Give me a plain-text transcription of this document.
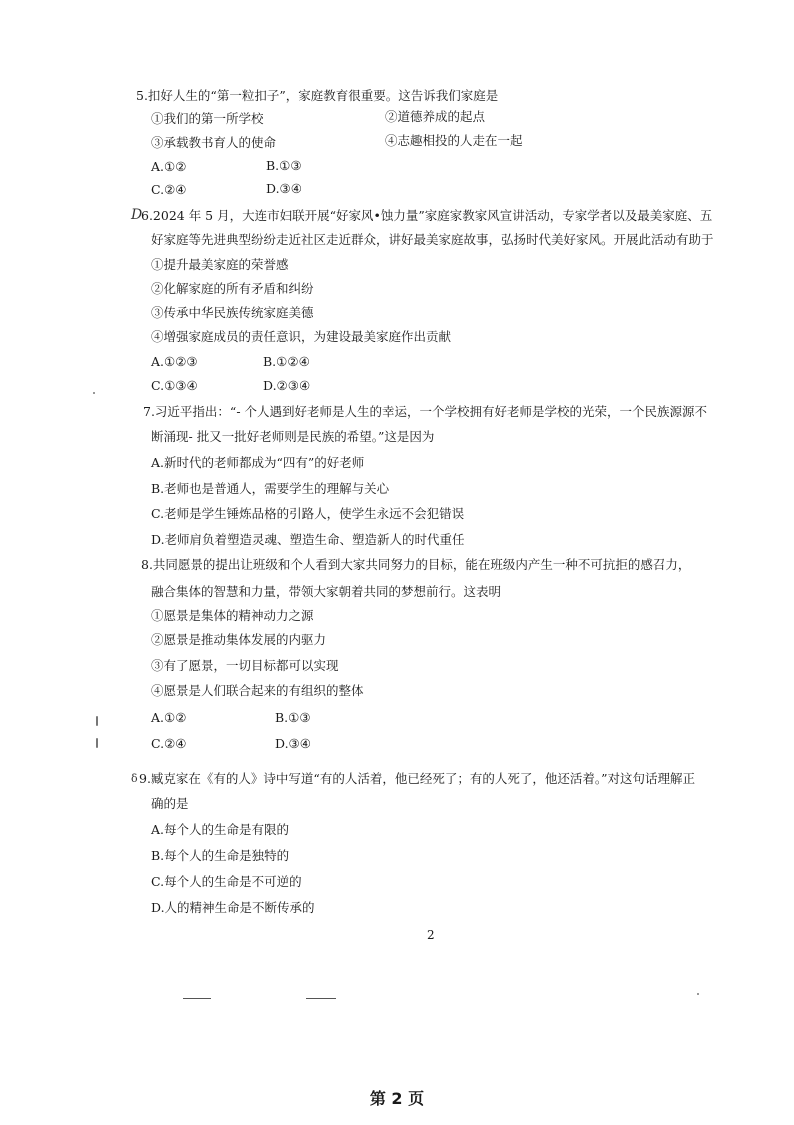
5.扣好人生的“第一粒扣子”，家庭教育很重要。这告诉我们家庭是
①我们的第一所学校	②道德养成的起点
③承载教书育人的使命	④志趣相投的人走在一起
A.①②	B.①③
C.②④	D.③④
D
6.2024 年 5 月，大连市妇联开展“好家风•蚀力量”家庭家教家风宣讲活动，专家学者以及最美家庭、五
好家庭等先进典型纷纷走近社区走近群众，讲好最美家庭故事，弘扬时代美好家风。开展此活动有助于
①提升最美家庭的荣誉感
②化解家庭的所有矛盾和纠纷
③传承中华民族传统家庭美德
④增强家庭成员的责任意识，为建设最美家庭作出贡献
A.①②③	B.①②④
C.①③④	D.②③④
7.习近平指出：“- 个人遇到好老师是人生的幸运，一个学校拥有好老师是学校的光荣，一个民族源源不
断涌现- 批又一批好老师则是民族的希望。”这是因为
A.新时代的老师都成为“四有”的好老师
B.老师也是普通人，需要学生的理解与关心
C.老师是学生锤炼品格的引路人，使学生永远不会犯错误
D.老师肩负着塑造灵魂、塑造生命、塑造新人的时代重任
8.共同愿景的提出让班级和个人看到大家共同努力的目标，能在班级内产生一种不可抗拒的感召力，
融合集体的智慧和力量，带领大家朝着共同的梦想前行。这表明
①愿景是集体的精神动力之源
②愿景是推动集体发展的内驱力
③有了愿景，一切目标都可以实现
④愿景是人们联合起来的有组织的整体
A.①②	B.①③
C.②④	D.③④
δ 9.臧克家在《有的人》诗中写道“有的人活着，他已经死了；有的人死了，他还活着。”对这句话理解正
确的是
A.每个人的生命是有限的
B.每个人的生命是独特的
C.每个人的生命是不可逆的
D.人的精神生命是不断传承的
2
第 2 页
